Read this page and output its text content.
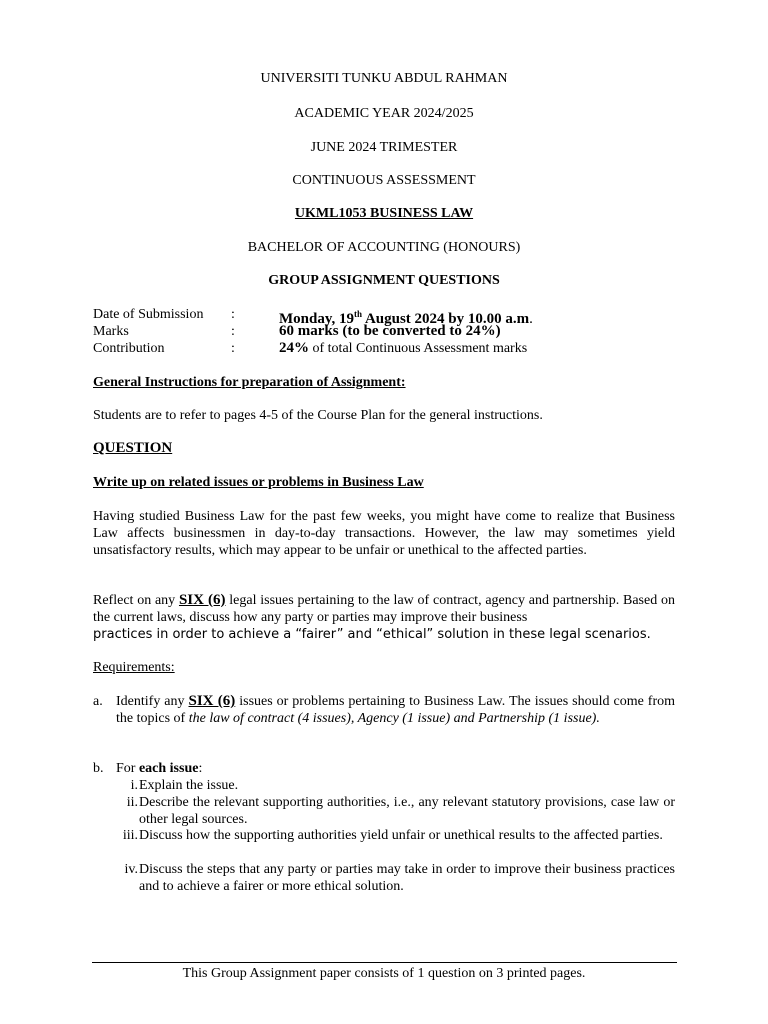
UNIVERSITI TUNKU ABDUL RAHMAN
ACADEMIC YEAR 2024/2025
JUNE 2024 TRIMESTER
CONTINUOUS ASSESSMENT
UKML1053 BUSINESS LAW
BACHELOR OF ACCOUNTING (HONOURS)
GROUP ASSIGNMENT QUESTIONS
Date of Submission :	Monday, 19th August 2024 by 10.00 a.m.
Marks	:	60 marks (to be converted to 24%)
Contribution	:	24% of total Continuous Assessment marks
General Instructions for preparation of Assignment:
Students are to refer to pages 4-5 of the Course Plan for the general instructions.
QUESTION
Write up on related issues or problems in Business Law
Having studied Business Law for the past few weeks, you might have come to realize that Business Law affects businessmen in day-to-day transactions. However, the law may sometimes yield unsatisfactory results, which may appear to be unfair or unethical to the affected parties.
Reflect on any SIX (6) legal issues pertaining to the law of contract, agency and partnership. Based on the current laws, discuss how any party or parties may improve their business
practices in order to achieve a “fairer” and “ethical” solution in these legal scenarios.
Requirements:
a. Identify any SIX (6) issues or problems pertaining to Business Law. The issues should come from the topics of the law of contract (4 issues), Agency (1 issue) and Partnership (1 issue).
b. For each issue:
i. Explain the issue.
ii. Describe the relevant supporting authorities, i.e., any relevant statutory provisions, case law or other legal sources.
iii. Discuss how the supporting authorities yield unfair or unethical results to the affected parties.
iv. Discuss the steps that any party or parties may take in order to improve their business practices and to achieve a fairer or more ethical solution.
This Group Assignment paper consists of 1 question on 3 printed pages.
